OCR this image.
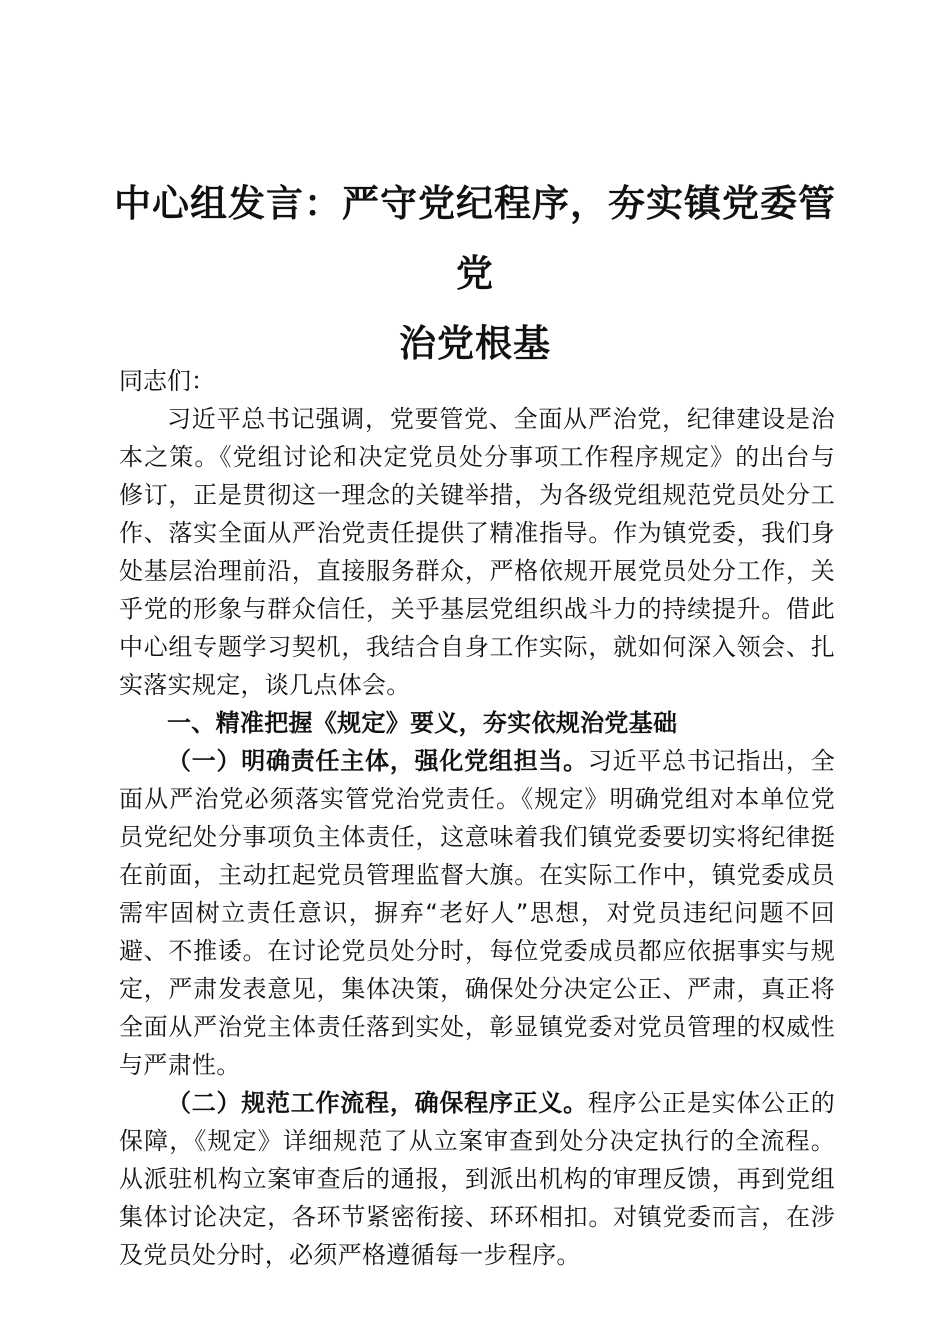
中心组发言：严守党纪程序，夯实镇党委管党
治党根基

同志们：

习近平总书记强调，党要管党、全面从严治党，纪律建设是治本之策。《党组讨论和决定党员处分事项工作程序规定》的出台与修订，正是贯彻这一理念的关键举措，为各级党组规范党员处分工作、落实全面从严治党责任提供了精准指导。作为镇党委，我们身处基层治理前沿，直接服务群众，严格依规开展党员处分工作，关乎党的形象与群众信任，关乎基层党组织战斗力的持续提升。借此中心组专题学习契机，我结合自身工作实际，就如何深入领会、扎实落实规定，谈几点体会。

一、精准把握《规定》要义，夯实依规治党基础

（一）明确责任主体，强化党组担当。习近平总书记指出，全面从严治党必须落实管党治党责任。《规定》明确党组对本单位党员党纪处分事项负主体责任，这意味着我们镇党委要切实将纪律挺在前面，主动扛起党员管理监督大旗。在实际工作中，镇党委成员需牢固树立责任意识，摒弃“老好人”思想，对党员违纪问题不回避、不推诿。在讨论党员处分时，每位党委成员都应依据事实与规定，严肃发表意见，集体决策，确保处分决定公正、严肃，真正将全面从严治党主体责任落到实处，彰显镇党委对党员管理的权威性与严肃性。

（二）规范工作流程，确保程序正义。程序公正是实体公正的保障，《规定》详细规范了从立案审查到处分决定执行的全流程。从派驻机构立案审查后的通报，到派出机构的审理反馈，再到党组集体讨论决定，各环节紧密衔接、环环相扣。对镇党委而言，在涉及党员处分时，必须严格遵循每一步程序。
